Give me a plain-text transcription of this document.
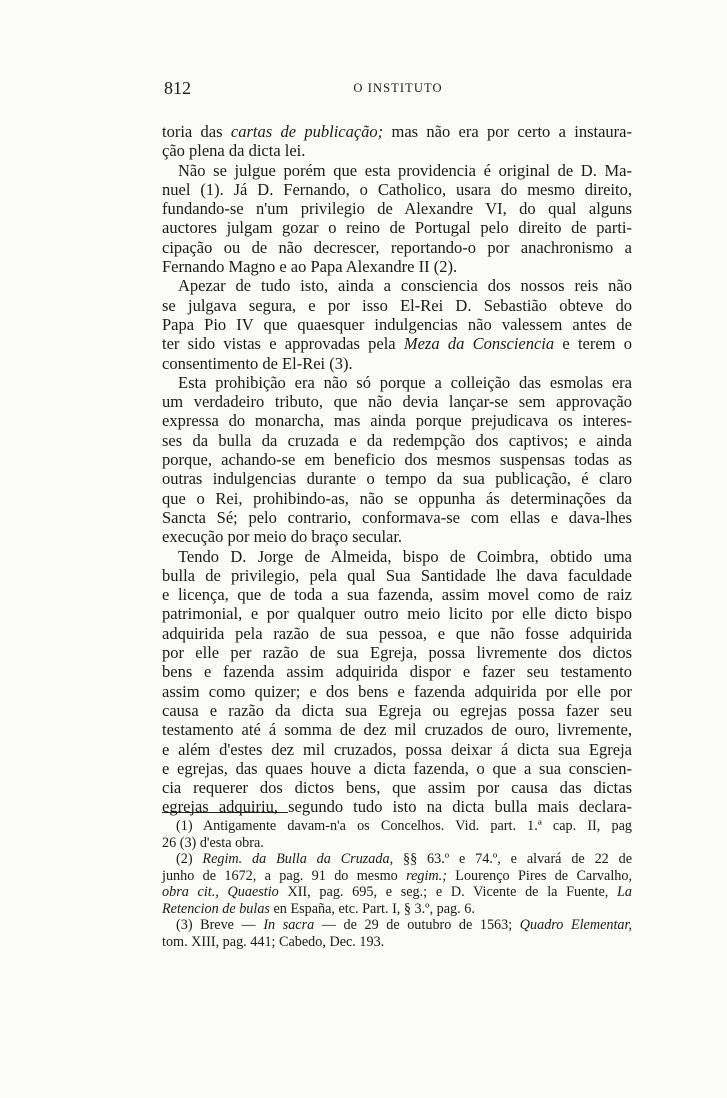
812	O INSTITUTO
toria das cartas de publicação; mas não era por certo a instaura-
ção plena da dicta lei.
Não se julgue porém que esta providencia é original de D. Ma-
nuel (1). Já D. Fernando, o Catholico, usara do mesmo direito,
fundando-se n'um privilegio de Alexandre VI, do qual alguns
auctores julgam gozar o reino de Portugal pelo direito de parti-
cipação ou de não decrescer, reportando-o por anachronismo a
Fernando Magno e ao Papa Alexandre II (2).
Apezar de tudo isto, ainda a consciencia dos nossos reis não
se julgava segura, e por isso El-Rei D. Sebastião obteve do
Papa Pio IV que quaesquer indulgencias não valessem antes de
ter sido vistas e approvadas pela Meza da Consciencia e terem o
consentimento de El-Rei (3).
Esta prohibição era não só porque a colleição das esmolas era
um verdadeiro tributo, que não devia lançar-se sem approvação
expressa do monarcha, mas ainda porque prejudicava os interes-
ses da bulla da cruzada e da redempção dos captivos; e ainda
porque, achando-se em beneficio dos mesmos suspensas todas as
outras indulgencias durante o tempo da sua publicação, é claro
que o Rei, prohibindo-as, não se oppunha ás determinações da
Sancta Sé; pelo contrario, conformava-se com ellas e dava-lhes
execução por meio do braço secular.
Tendo D. Jorge de Almeida, bispo de Coimbra, obtido uma
bulla de privilegio, pela qual Sua Santidade lhe dava faculdade
e licença, que de toda a sua fazenda, assim movel como de raiz
patrimonial, e por qualquer outro meio licito por elle dicto bispo
adquirida pela razão de sua pessoa, e que não fosse adquirida
por elle per razão de sua Egreja, possa livremente dos dictos
bens e fazenda assim adquirida dispor e fazer seu testamento
assim como quizer; e dos bens e fazenda adquirida por elle por
causa e razão da dicta sua Egreja ou egrejas possa fazer seu
testamento até á somma de dez mil cruzados de ouro, livremente,
e além d'estes dez mil cruzados, possa deixar á dicta sua Egreja
e egrejas, das quaes houve a dicta fazenda, o que a sua conscien-
cia requerer dos dictos bens, que assim por causa das dictas
egrejas adquiriu, segundo tudo isto na dicta bulla mais declara-
(1) Antigamente davam-n'a os Concelhos. Vid. part. 1.ª cap. II, pag
26 (3) d'esta obra.
(2) Regim. da Bulla da Cruzada, §§ 63.º e 74.º, e alvará de 22 de
junho de 1672, a pag. 91 do mesmo regim.; Lourenço Pires de Carvalho,
obra cit., Quaestio XII, pag. 695, e seg.; e D. Vicente de la Fuente, La
Retencion de bulas en España, etc. Part. I, § 3.º, pag. 6.
(3) Breve — In sacra — de 29 de outubro de 1563; Quadro Elementar,
tom. XIII, pag. 441; Cabedo, Dec. 193.
